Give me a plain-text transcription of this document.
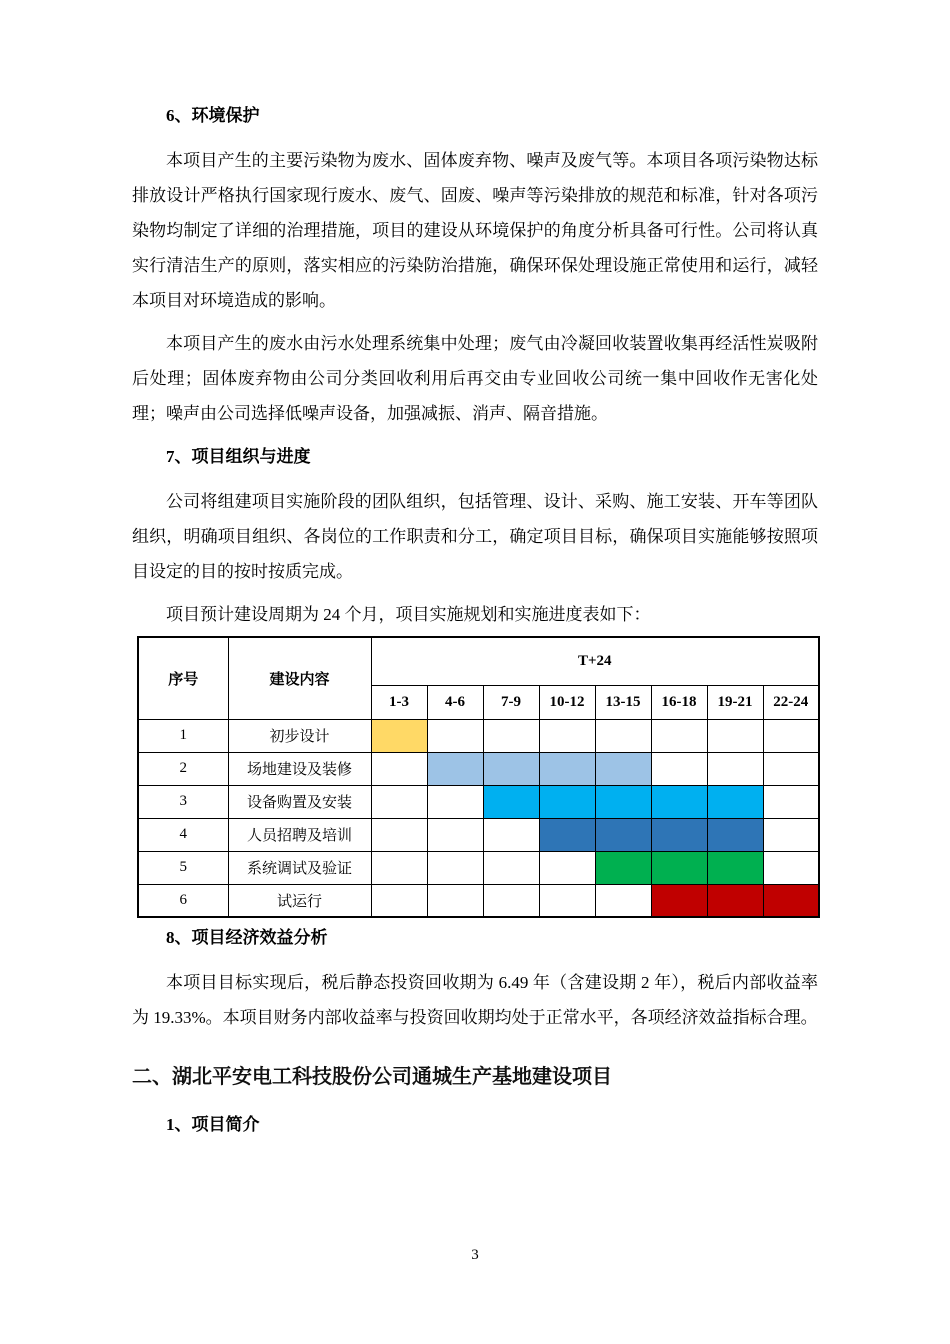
6、环境保护

本项目产生的主要污染物为废水、固体废弃物、噪声及废气等。本项目各项污染物达标排放设计严格执行国家现行废水、废气、固废、噪声等污染排放的规范和标准，针对各项污染物均制定了详细的治理措施，项目的建设从环境保护的角度分析具备可行性。公司将认真实行清洁生产的原则，落实相应的污染防治措施，确保环保处理设施正常使用和运行，减轻本项目对环境造成的影响。

本项目产生的废水由污水处理系统集中处理；废气由冷凝回收装置收集再经活性炭吸附后处理；固体废弃物由公司分类回收利用后再交由专业回收公司统一集中回收作无害化处理；噪声由公司选择低噪声设备，加强减振、消声、隔音措施。

7、项目组织与进度

公司将组建项目实施阶段的团队组织，包括管理、设计、采购、施工安装、开车等团队组织，明确项目组织、各岗位的工作职责和分工，确定项目目标，确保项目实施能够按照项目设定的目的按时按质完成。

项目预计建设周期为 24 个月，项目实施规划和实施进度表如下：

序号	建设内容	T+24							
		1-3	4-6	7-9	10-12	13-15	16-18	19-21	22-24
1	初步设计								
2	场地建设及装修								
3	设备购置及安装								
4	人员招聘及培训								
5	系统调试及验证								
6	试运行								
8、项目经济效益分析

本项目目标实现后，税后静态投资回收期为 6.49 年（含建设期 2 年），税后内部收益率为 19.33%。本项目财务内部收益率与投资回收期均处于正常水平，各项经济效益指标合理。

二、湖北平安电工科技股份公司通城生产基地建设项目
1、项目简介
3
